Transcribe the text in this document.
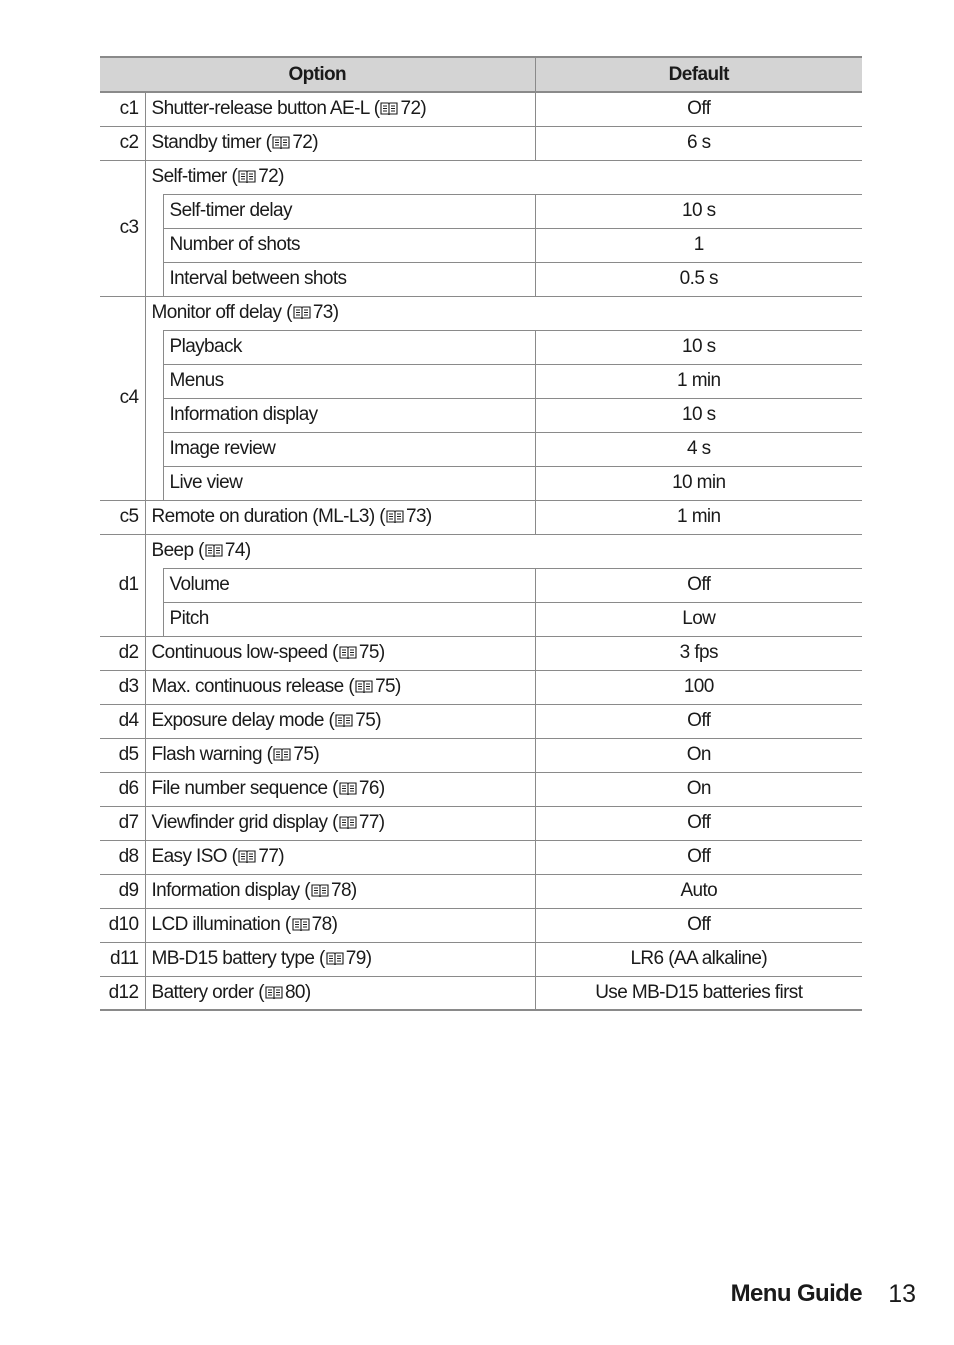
Option			Default
c1	Shutter-release button AE-L ( 72)		Off
c2	Standby timer ( 72)		6 s
c3	Self-timer ( 72)		
		Self-timer delay	10 s
		Number of shots	1
		Interval between shots	0.5 s
c4	Monitor off delay ( 73)		
		Playback	10 s
		Menus	1 min
		Information display	10 s
		Image review	4 s
		Live view	10 min
c5	Remote on duration (ML-L3) ( 73)		1 min
d1	Beep ( 74)		
		Volume	Off
		Pitch	Low
d2	Continuous low-speed ( 75)		3 fps
d3	Max. continuous release ( 75)		100
d4	Exposure delay mode ( 75)		Off
d5	Flash warning ( 75)		On
d6	File number sequence ( 76)		On
d7	Viewfinder grid display ( 77)		Off
d8	Easy ISO ( 77)		Off
d9	Information display ( 78)		Auto
d10	LCD illumination ( 78)		Off
d11	MB-D15 battery type ( 79)		LR6 (AA alkaline)
d12	Battery order ( 80)		Use MB-D15 batteries first
Menu Guide 13
